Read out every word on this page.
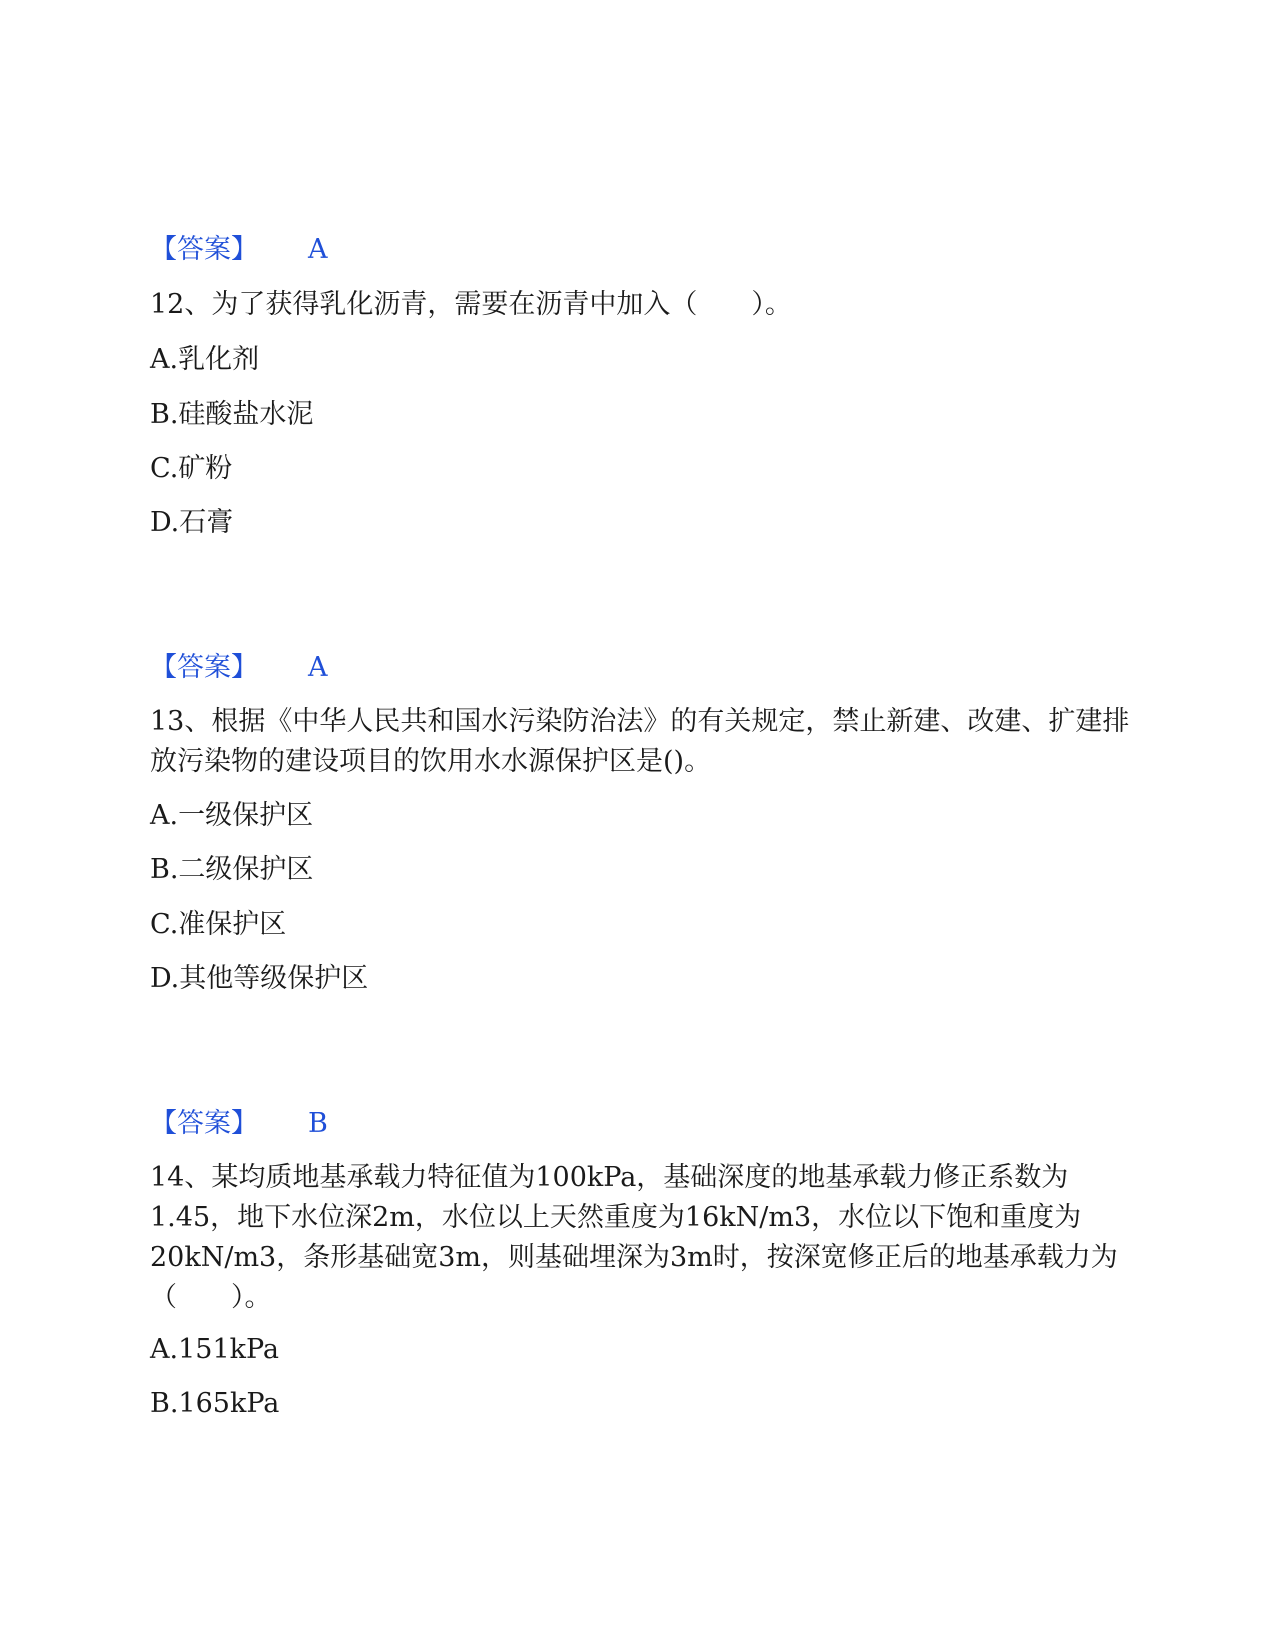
【答案】 A
12、为了获得乳化沥青，需要在沥青中加入（　　）。
A.乳化剂
B.硅酸盐水泥
C.矿粉
D.石膏
【答案】 A
13、根据《中华人民共和国水污染防治法》的有关规定，禁止新建、改建、扩建排放污染物的建设项目的饮用水水源保护区是()。
A.一级保护区
B.二级保护区
C.准保护区
D.其他等级保护区
【答案】 B
14、某均质地基承载力特征值为100kPa，基础深度的地基承载力修正系数为1.45，地下水位深2m，水位以上天然重度为16kN/m3，水位以下饱和重度为20kN/m3，条形基础宽3m，则基础埋深为3m时，按深宽修正后的地基承载力为（　　）。
A.151kPa
B.165kPa
